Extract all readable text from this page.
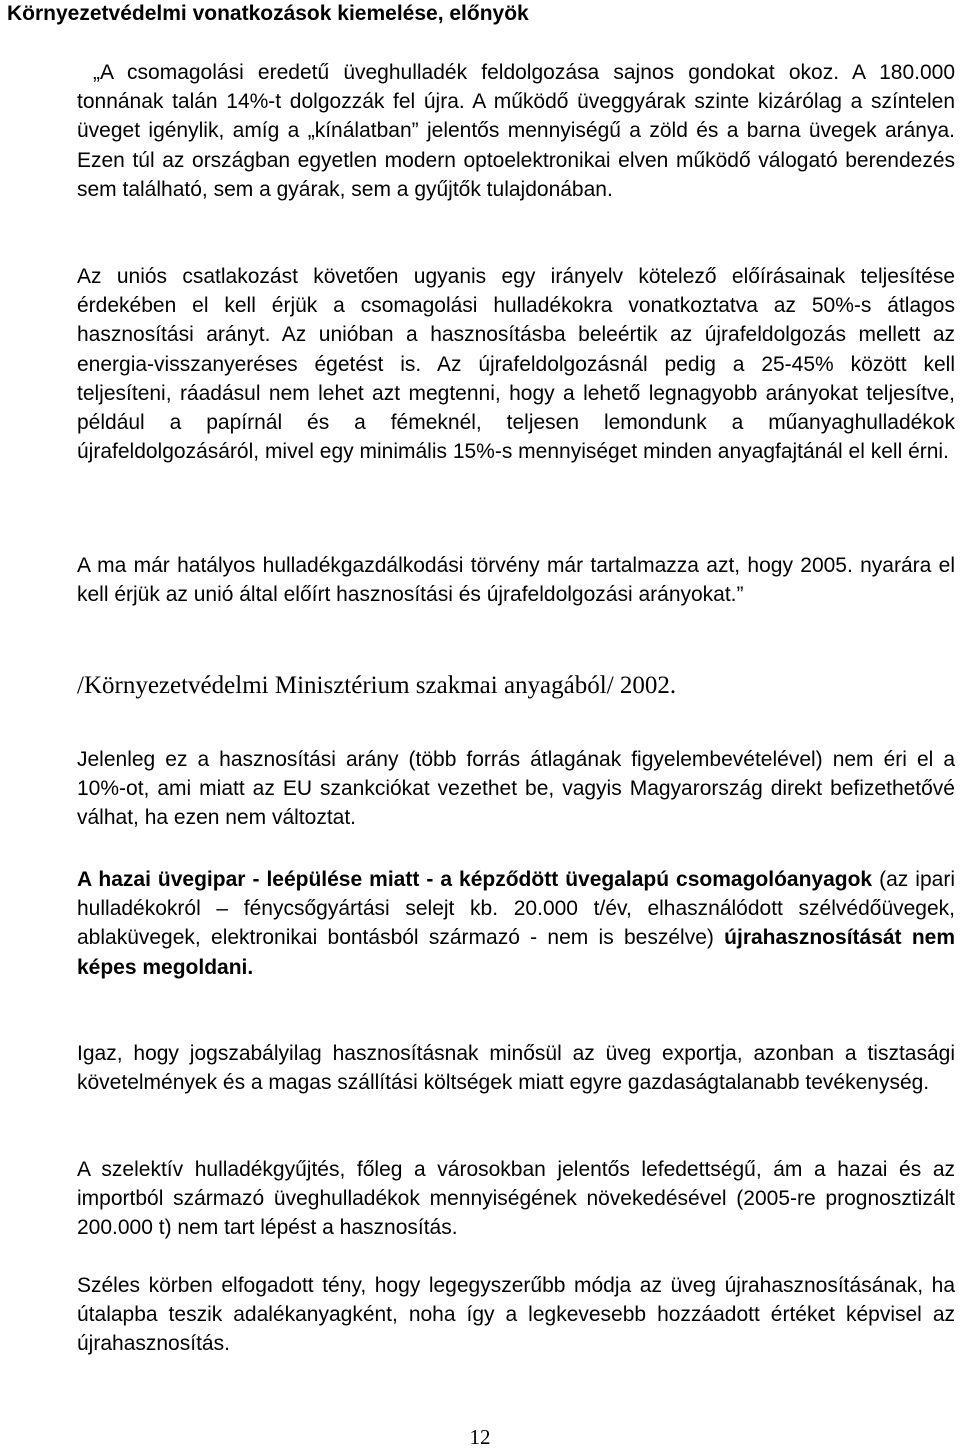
Környezetvédelmi vonatkozások kiemelése, előnyök

„A csomagolási eredetű üveghulladék feldolgozása sajnos gondokat okoz. A 180.000 tonnának talán 14%-t dolgozzák fel újra. A működő üveggyárak szinte kizárólag a színtelen üveget igénylik, amíg a „kínálatban” jelentős mennyiségű a zöld és a barna üvegek aránya. Ezen túl az országban egyetlen modern optoelektronikai elven működő válogató berendezés sem található, sem a gyárak, sem a gyűjtők tulajdonában.

Az uniós csatlakozást követően ugyanis egy irányelv kötelező előírásainak teljesítése érdekében el kell érjük a csomagolási hulladékokra vonatkoztatva az 50%-s átlagos hasznosítási arányt. Az unióban a hasznosításba beleértik az újrafeldolgozás mellett az energia-visszanyeréses égetést is. Az újrafeldolgozásnál pedig a 25-45% között kell teljesíteni, ráadásul nem lehet azt megtenni, hogy a lehető legnagyobb arányokat teljesítve, például a papírnál és a fémeknél, teljesen lemondunk a műanyaghulladékok újrafeldolgozásáról, mivel egy minimális 15%-s mennyiséget minden anyagfajtánál el kell érni.

A ma már hatályos hulladékgazdálkodási törvény már tartalmazza azt, hogy 2005. nyarára el kell érjük az unió által előírt hasznosítási és újrafeldolgozási arányokat.”

/Környezetvédelmi Minisztérium szakmai anyagából/ 2002.

Jelenleg ez a hasznosítási arány (több forrás átlagának figyelembevételével) nem éri el a 10%-ot, ami miatt az EU szankciókat vezethet be, vagyis Magyarország direkt befizethetővé válhat, ha ezen nem változtat.

A hazai üvegipar - leépülése miatt - a képződött üvegalapú csomagolóanyagok (az ipari hulladékokról – fénycsőgyártási selejt kb. 20.000 t/év, elhasználódott szélvédőüvegek, ablaküvegek, elektronikai bontásból származó - nem is beszélve) újrahasznosítását nem képes megoldani.

Igaz, hogy jogszabályilag hasznosításnak minősül az üveg exportja, azonban a tisztasági követelmények és a magas szállítási költségek miatt egyre gazdaságtalanabb tevékenység.

A szelektív hulladékgyűjtés, főleg a városokban jelentős lefedettségű, ám a hazai és az importból származó üveghulladékok mennyiségének növekedésével (2005-re prognosztizált 200.000 t) nem tart lépést a hasznosítás.

Széles körben elfogadott tény, hogy legegyszerűbb módja az üveg újrahasznosításának, ha útalapba teszik adalékanyagként, noha így a legkevesebb hozzáadott értéket képvisel az újrahasznosítás.

12
